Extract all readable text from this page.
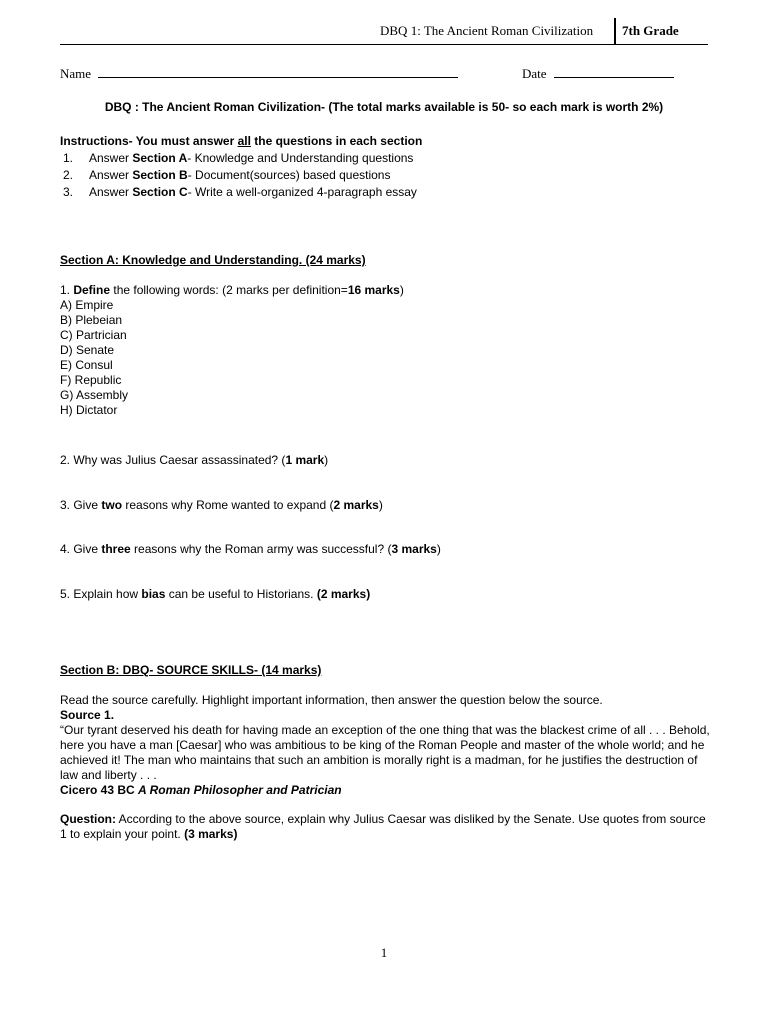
DBQ 1: The Ancient Roman Civilization 7th Grade
Name	Date
DBQ : The Ancient Roman Civilization- (The total marks available is 50- so each mark is worth 2%)
Instructions- You must answer all the questions in each section
1. Answer Section A- Knowledge and Understanding questions
2. Answer Section B- Document(sources) based questions
3. Answer Section C- Write a well-organized 4-paragraph essay
Section A: Knowledge and Understanding. (24 marks)
1. Define the following words: (2 marks per definition=16 marks)
A) Empire
B) Plebeian
C) Partrician
D) Senate
E) Consul
F) Republic
G) Assembly
H) Dictator
2. Why was Julius Caesar assassinated? (1 mark)
3. Give two reasons why Rome wanted to expand (2 marks)
4. Give three reasons why the Roman army was successful? (3 marks)
5. Explain how bias can be useful to Historians. (2 marks)
Section B: DBQ- SOURCE SKILLS- (14 marks)
Read the source carefully. Highlight important information, then answer the question below the source.
Source 1.
“Our tyrant deserved his death for having made an exception of the one thing that was the blackest crime of all . . . Behold, here you have a man [Caesar] who was ambitious to be king of the Roman People and master of the whole world; and he achieved it! The man who maintains that such an ambition is morally right is a madman, for he justifies the destruction of law and liberty . . .
Cicero 43 BC A Roman Philosopher and Patrician
Question: According to the above source, explain why Julius Caesar was disliked by the Senate. Use quotes from source 1 to explain your point. (3 marks)
1
